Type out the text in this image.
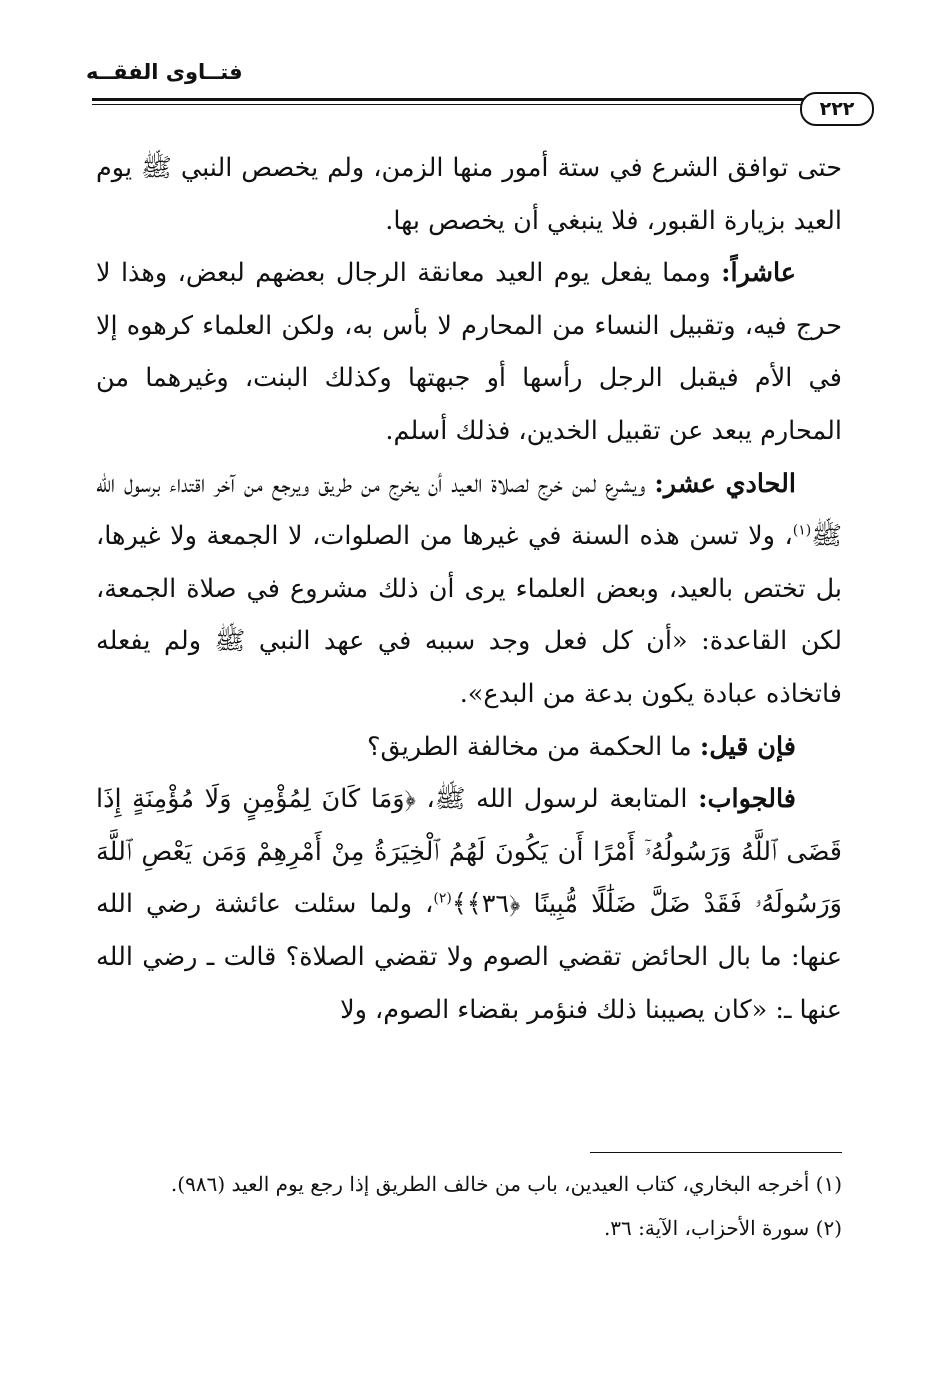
فتــاوى الفقــه
٢٢٢

حتى توافق الشرع في ستة أمور منها الزمن، ولم يخصص النبي ﷺ يوم العيد بزيارة القبور، فلا ينبغي أن يخصص بها.

عاشراً: ومما يفعل يوم العيد معانقة الرجال بعضهم لبعض، وهذا لا حرج فيه، وتقبيل النساء من المحارم لا بأس به، ولكن العلماء كرهوه إلا في الأم فيقبل الرجل رأسها أو جبهتها وكذلك البنت، وغيرهما من المحارم يبعد عن تقبيل الخدين، فذلك أسلم.

الحادي عشر: ويشرع لمن خرج لصلاة العيد أن يخرج من طريق ويرجع من آخر اقتداء برسول الله ﷺ$^{(١)}$، ولا تسن هذه السنة في غيرها من الصلوات، لا الجمعة ولا غيرها، بل تختص بالعيد، وبعض العلماء يرى أن ذلك مشروع في صلاة الجمعة، لكن القاعدة: «أن كل فعل وجد سببه في عهد النبي ﷺ ولم يفعله فاتخاذه عبادة يكون بدعة من البدع».

فإن قيل: ما الحكمة من مخالفة الطريق؟

فالجواب: المتابعة لرسول الله ﷺ، ﴿وَمَا كَانَ لِمُؤْمِنٍ وَلَا مُؤْمِنَةٍ إِذَا قَضَى ٱللَّهُ وَرَسُولُهُۥٓ أَمْرًا أَن يَكُونَ لَهُمُ ٱلْخِيَرَةُ مِنْ أَمْرِهِمْ وَمَن يَعْصِ ٱللَّهَ وَرَسُولَهُۥ فَقَدْ ضَلَّ ضَلَٰلًا مُّبِينًا ﴿٣٦﴾﴾$^{(٢)}$، ولما سئلت عائشة رضي الله عنها: ما بال الحائض تقضي الصوم ولا تقضي الصلاة؟ قالت ـ رضي الله عنها ـ: «كان يصيبنا ذلك فنؤمر بقضاء الصوم، ولا

(١) أخرجه البخاري، كتاب العيدين، باب من خالف الطريق إذا رجع يوم العيد (٩٨٦).

(٢) سورة الأحزاب، الآية: ٣٦.
